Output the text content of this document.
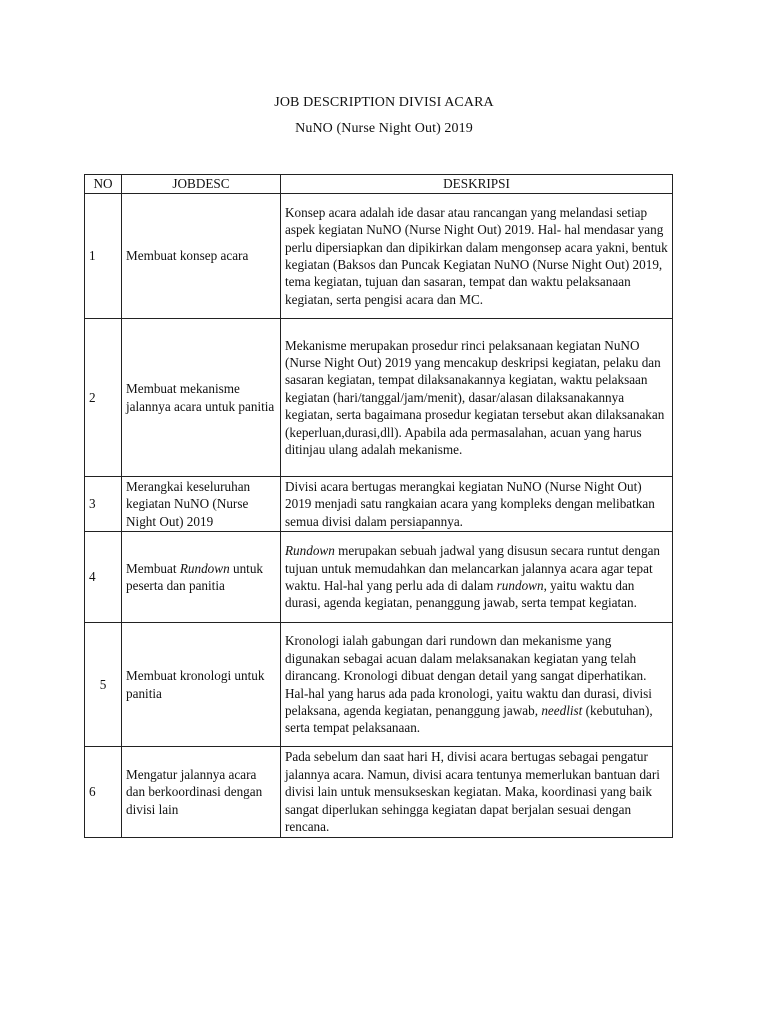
JOB DESCRIPTION DIVISI ACARA
NuNO (Nurse Night Out) 2019
NO	JOBDESC	DESKRIPSI
1	Membuat konsep acara	Konsep acara adalah ide dasar atau rancangan yang melandasi setiap aspek kegiatan NuNO (Nurse Night Out) 2019. Hal- hal mendasar yang perlu dipersiapkan dan dipikirkan dalam mengonsep acara yakni, bentuk kegiatan (Baksos dan Puncak Kegiatan NuNO (Nurse Night Out) 2019, tema kegiatan, tujuan dan sasaran, tempat dan waktu pelaksanaan kegiatan, serta pengisi acara dan MC.
2	Membuat mekanisme jalannya acara untuk panitia	Mekanisme merupakan prosedur rinci pelaksanaan kegiatan NuNO (Nurse Night Out) 2019 yang mencakup deskripsi kegiatan, pelaku dan sasaran kegiatan, tempat dilaksanakannya kegiatan, waktu pelaksaan kegiatan (hari/tanggal/jam/menit), dasar/alasan dilaksanakannya kegiatan, serta bagaimana prosedur kegiatan tersebut akan dilaksanakan (keperluan,durasi,dll). Apabila ada permasalahan, acuan yang harus ditinjau ulang adalah mekanisme.
3	Merangkai keseluruhan kegiatan NuNO (Nurse Night Out) 2019	Divisi acara bertugas merangkai kegiatan NuNO (Nurse Night Out) 2019 menjadi satu rangkaian acara yang kompleks dengan melibatkan semua divisi dalam persiapannya.
4	Membuat Rundown untuk peserta dan panitia	Rundown merupakan sebuah jadwal yang disusun secara runtut dengan tujuan untuk memudahkan dan melancarkan jalannya acara agar tepat waktu. Hal-hal yang perlu ada di dalam rundown, yaitu waktu dan durasi, agenda kegiatan, penanggung jawab, serta tempat kegiatan.
5	Membuat kronologi untuk panitia	Kronologi ialah gabungan dari rundown dan mekanisme yang digunakan sebagai acuan dalam melaksanakan kegiatan yang telah dirancang. Kronologi dibuat dengan detail yang sangat diperhatikan. Hal-hal yang harus ada pada kronologi, yaitu waktu dan durasi, divisi pelaksana, agenda kegiatan, penanggung jawab, needlist (kebutuhan), serta tempat pelaksanaan.
6	Mengatur jalannya acara dan berkoordinasi dengan divisi lain	Pada sebelum dan saat hari H, divisi acara bertugas sebagai pengatur jalannya acara. Namun, divisi acara tentunya memerlukan bantuan dari divisi lain untuk mensukseskan kegiatan. Maka, koordinasi yang baik sangat diperlukan sehingga kegiatan dapat berjalan sesuai dengan rencana.
